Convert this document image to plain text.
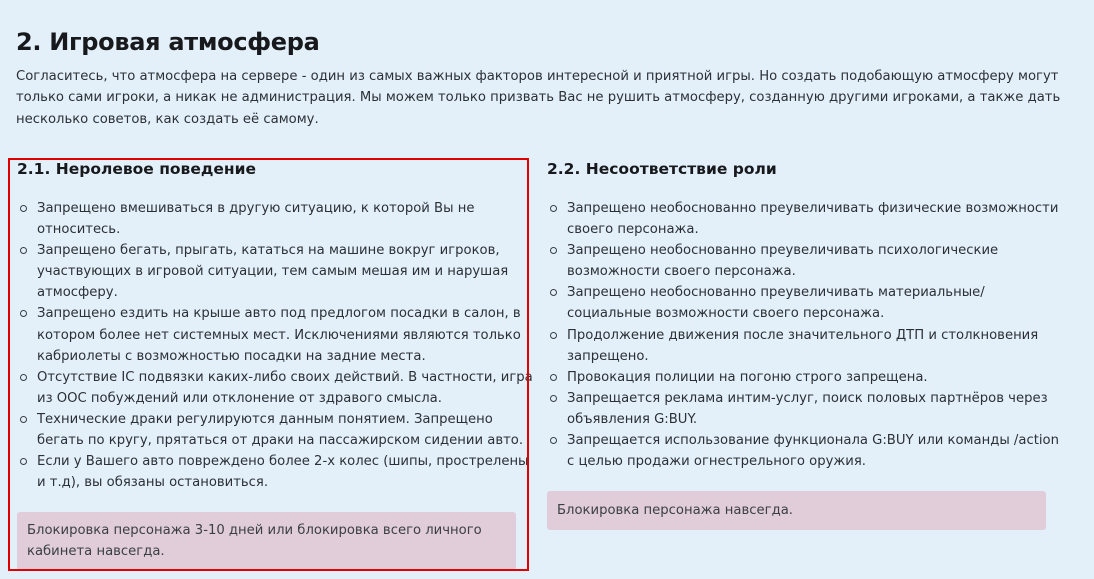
2. Игровая атмосфера

Согласитесь, что атмосфера на сервере - один из самых важных факторов интересной и приятной игры. Но создать подобающую атмосферу могут только сами игроки, а никак не администрация. Мы можем только призвать Вас не рушить атмосферу, созданную другими игроками, а также дать несколько советов, как создать её самому.

2.1. Неролевое поведение
Запрещено вмешиваться в другую ситуацию, к которой Вы не относитесь.
Запрещено бегать, прыгать, кататься на машине вокруг игроков, участвующих в игровой ситуации, тем самым мешая им и нарушая атмосферу.
Запрещено ездить на крыше авто под предлогом посадки в салон, в котором более нет системных мест. Исключениями являются только кабриолеты с возможностью посадки на задние места.
Отсутствие IC подвязки каких-либо своих действий. В частности, игра из OOC побуждений или отклонение от здравого смысла.
Технические драки регулируются данным понятием. Запрещено бегать по кругу, прятаться от драки на пассажирском сидении авто.
Если у Вашего авто повреждено более 2-х колес (шипы, прострелены и т.д), вы обязаны остановиться.
Блокировка персонажа 3-10 дней или блокировка всего личного кабинета навсегда.
2.2. Несоответствие роли
Запрещено необоснованно преувеличивать физические возможности своего персонажа.
Запрещено необоснованно преувеличивать психологические возможности своего персонажа.
Запрещено необоснованно преувеличивать материальные/ социальные возможности своего персонажа.
Продолжение движения после значительного ДТП и столкновения запрещено.
Провокация полиции на погоню строго запрещена.
Запрещается реклама интим-услуг, поиск половых партнёров через объявления G:BUY.
Запрещается использование функционала G:BUY или команды /action с целью продажи огнестрельного оружия.
Блокировка персонажа навсегда.
